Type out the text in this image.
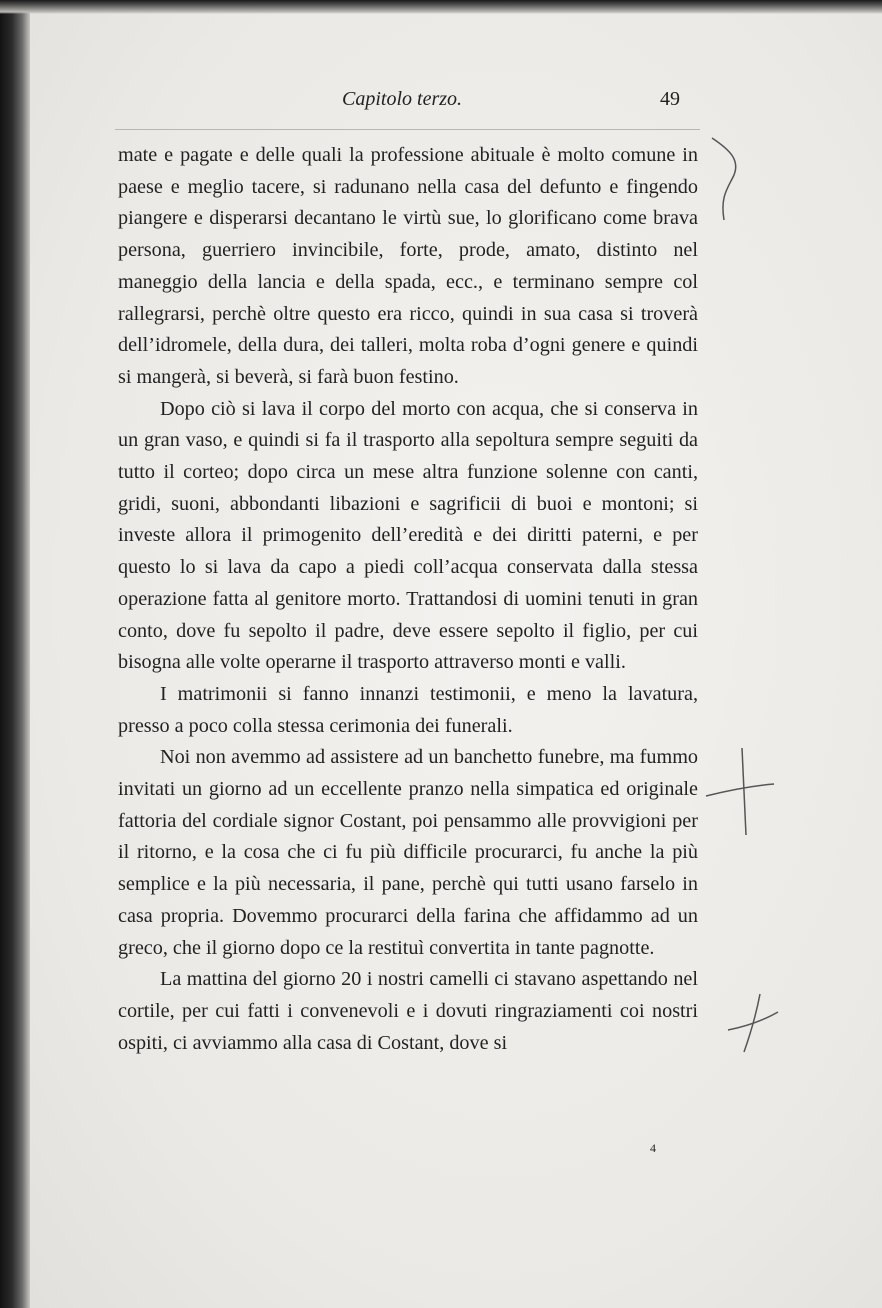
Capitolo terzo.	49

mate e pagate e delle quali la professione abituale è molto comune in paese e meglio tacere, si radunano nella casa del defunto e fingendo piangere e disperarsi decantano le virtù sue, lo glorificano come brava persona, guerriero invincibile, forte, prode, amato, distinto nel maneggio della lancia e della spada, ecc., e terminano sempre col rallegrarsi, perchè oltre questo era ricco, quindi in sua casa si troverà dell’idromele, della dura, dei talleri, molta roba d’ogni genere e quindi si mangerà, si beverà, si farà buon festino.

Dopo ciò si lava il corpo del morto con acqua, che si conserva in un gran vaso, e quindi si fa il trasporto alla sepoltura sempre seguiti da tutto il corteo; dopo circa un mese altra funzione solenne con canti, gridi, suoni, abbondanti libazioni e sagrificii di buoi e montoni; si investe allora il primogenito dell’eredità e dei diritti paterni, e per questo lo si lava da capo a piedi coll’acqua conservata dalla stessa operazione fatta al genitore morto. Trattandosi di uomini tenuti in gran conto, dove fu sepolto il padre, deve essere sepolto il figlio, per cui bisogna alle volte operarne il trasporto attraverso monti e valli.

I matrimonii si fanno innanzi testimonii, e meno la lavatura, presso a poco colla stessa cerimonia dei funerali.

Noi non avemmo ad assistere ad un banchetto funebre, ma fummo invitati un giorno ad un eccellente pranzo nella simpatica ed originale fattoria del cordiale signor Costant, poi pensammo alle provvigioni per il ritorno, e la cosa che ci fu più difficile procurarci, fu anche la più semplice e la più necessaria, il pane, perchè qui tutti usano farselo in casa propria. Dovemmo procurarci della farina che affidammo ad un greco, che il giorno dopo ce la restituì convertita in tante pagnotte.

La mattina del giorno 20 i nostri camelli ci stavano aspettando nel cortile, per cui fatti i convenevoli e i dovuti ringraziamenti coi nostri ospiti, ci avviammo alla casa di Costant, dove si

4
